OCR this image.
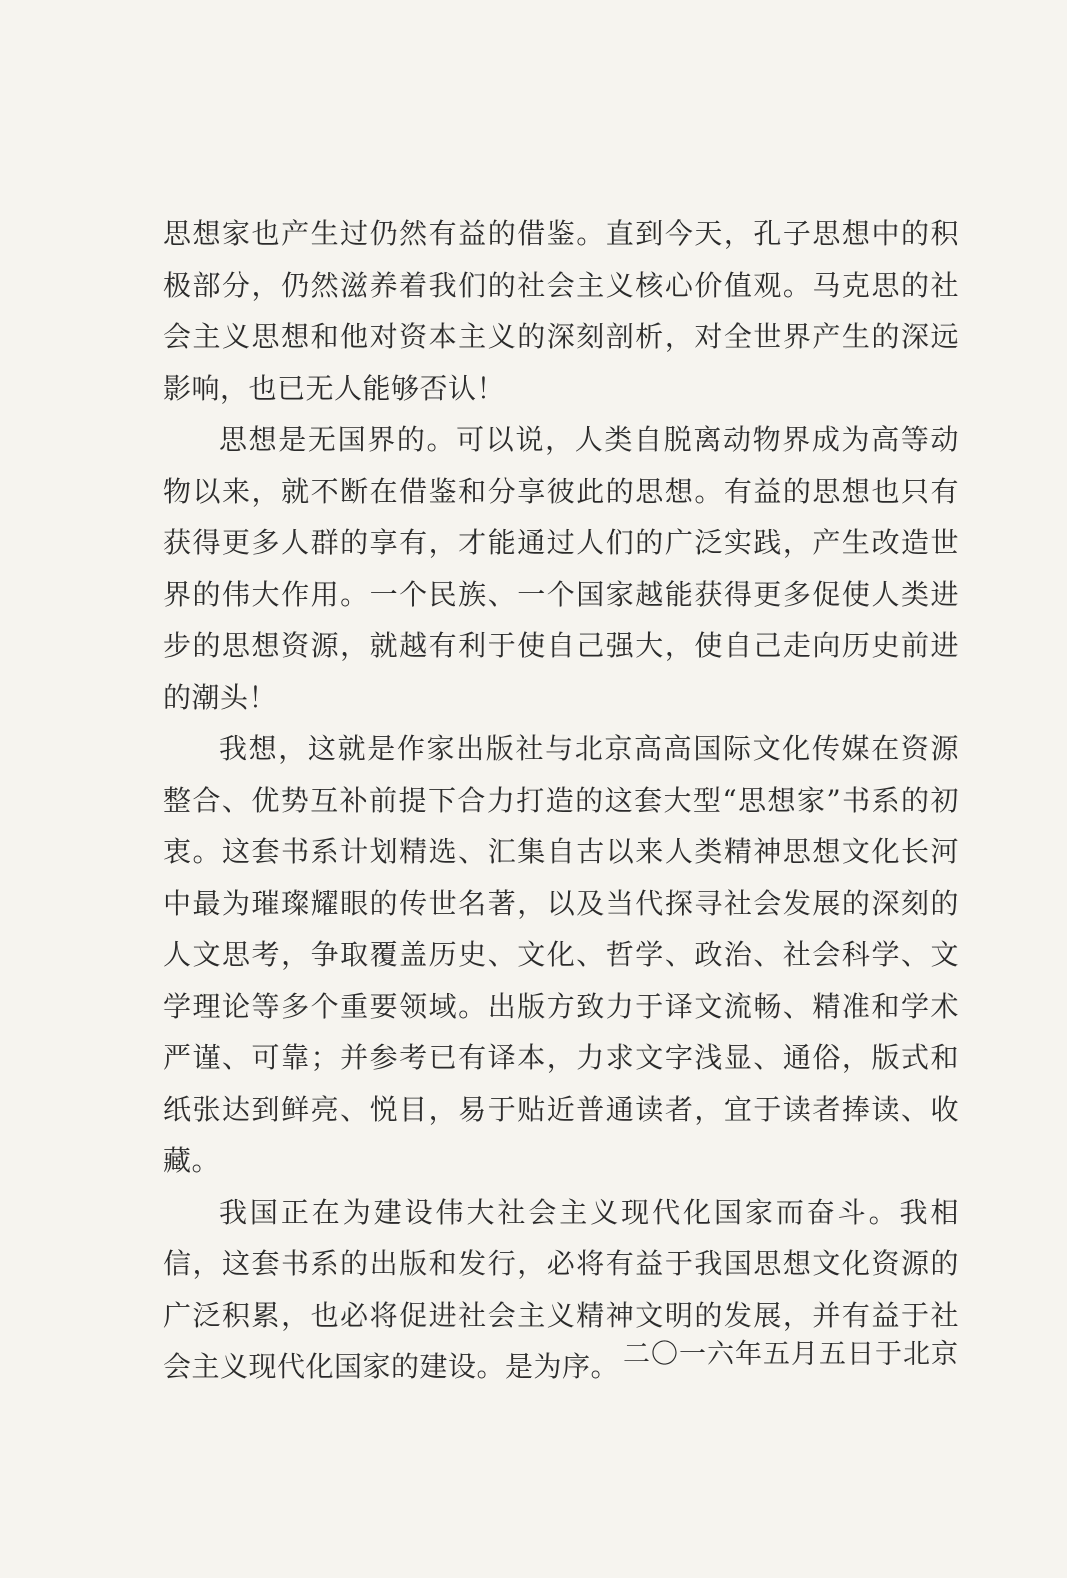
思想家也产生过仍然有益的借鉴。直到今天，孔子思想中的积极部分，仍然滋养着我们的社会主义核心价值观。马克思的社会主义思想和他对资本主义的深刻剖析，对全世界产生的深远影响，也已无人能够否认！

思想是无国界的。可以说，人类自脱离动物界成为高等动物以来，就不断在借鉴和分享彼此的思想。有益的思想也只有获得更多人群的享有，才能通过人们的广泛实践，产生改造世界的伟大作用。一个民族、一个国家越能获得更多促使人类进步的思想资源，就越有利于使自己强大，使自己走向历史前进的潮头！

我想，这就是作家出版社与北京高高国际文化传媒在资源整合、优势互补前提下合力打造的这套大型“思想家”书系的初衷。这套书系计划精选、汇集自古以来人类精神思想文化长河中最为璀璨耀眼的传世名著，以及当代探寻社会发展的深刻的人文思考，争取覆盖历史、文化、哲学、政治、社会科学、文学理论等多个重要领域。出版方致力于译文流畅、精准和学术严谨、可靠；并参考已有译本，力求文字浅显、通俗，版式和纸张达到鲜亮、悦目，易于贴近普通读者，宜于读者捧读、收藏。

我国正在为建设伟大社会主义现代化国家而奋斗。我相信，这套书系的出版和发行，必将有益于我国思想文化资源的广泛积累，也必将促进社会主义精神文明的发展，并有益于社会主义现代化国家的建设。是为序。 二〇一六年五月五日于北京
